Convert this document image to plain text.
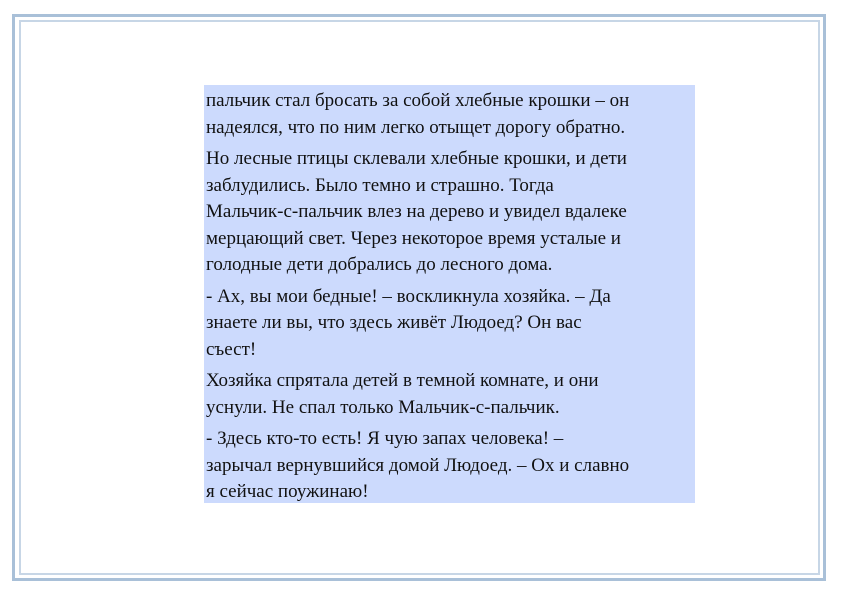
пальчик стал бросать за собой хлебные крошки – он
надеялся, что по ним легко отыщет дорогу обратно.

Но лесные птицы склевали хлебные крошки, и дети
заблудились. Было темно и страшно. Тогда
Мальчик-с-пальчик влез на дерево и увидел вдалеке
мерцающий свет. Через некоторое время усталые и
голодные дети добрались до лесного дома.

- Ах, вы мои бедные! – воскликнула хозяйка. – Да
знаете ли вы, что здесь живёт Людоед? Он вас
съест!

Хозяйка спрятала детей в темной комнате, и они
уснули. Не спал только Мальчик-с-пальчик.

- Здесь кто-то есть! Я чую запах человека! –
зарычал вернувшийся домой Людоед. – Ох и славно
я сейчас поужинаю!
